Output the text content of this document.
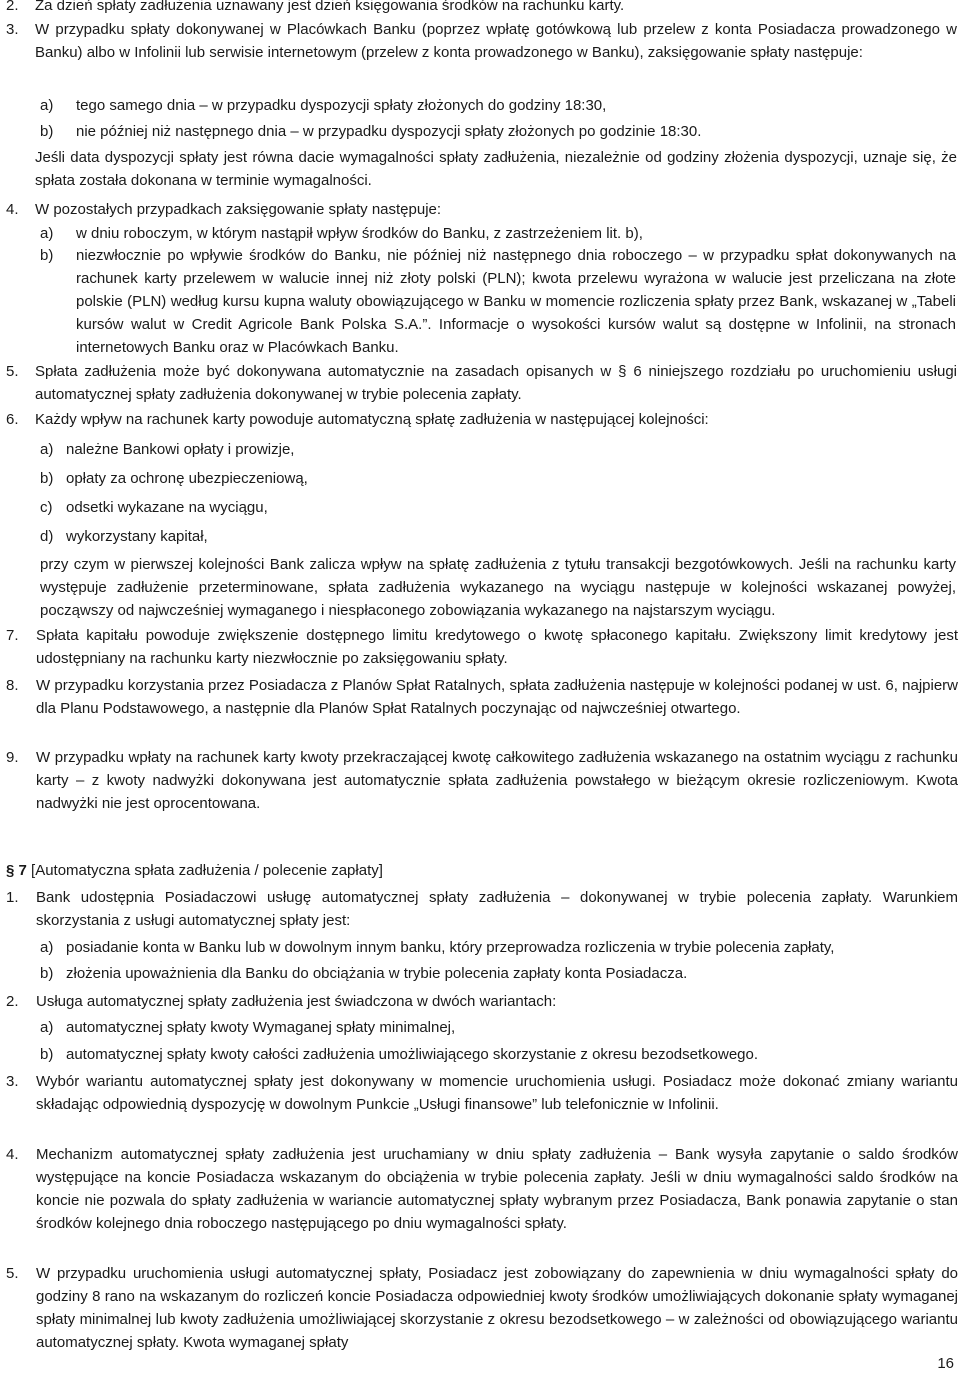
2. Za dzień spłaty zadłużenia uznawany jest dzień księgowania środków na rachunku karty.
3. W przypadku spłaty dokonywanej w Placówkach Banku (poprzez wpłatę gotówkową lub przelew z konta Posiadacza prowadzonego w Banku) albo w Infolinii lub serwisie internetowym (przelew z konta prowadzonego w Banku), zaksięgowanie spłaty następuje:
a) tego samego dnia – w przypadku dyspozycji spłaty złożonych do godziny 18:30,
b) nie później niż następnego dnia – w przypadku dyspozycji spłaty złożonych po godzinie 18:30.
Jeśli data dyspozycji spłaty jest równa dacie wymagalności spłaty zadłużenia, niezależnie od godziny złożenia dyspozycji, uznaje się, że spłata została dokonana w terminie wymagalności.
4. W pozostałych przypadkach zaksięgowanie spłaty następuje:
a) w dniu roboczym, w którym nastąpił wpływ środków do Banku, z zastrzeżeniem lit. b),
b) niezwłocznie po wpływie środków do Banku, nie później niż następnego dnia roboczego – w przypadku spłat dokonywanych na rachunek karty przelewem w walucie innej niż złoty polski (PLN); kwota przelewu wyrażona w walucie jest przeliczana na złote polskie (PLN) według kursu kupna waluty obowiązującego w Banku w momencie rozliczenia spłaty przez Bank, wskazanej w „Tabeli kursów walut w Credit Agricole Bank Polska S.A.”. Informacje o wysokości kursów walut są dostępne w Infolinii, na stronach internetowych Banku oraz w Placówkach Banku.
5. Spłata zadłużenia może być dokonywana automatycznie na zasadach opisanych w § 6 niniejszego rozdziału po uruchomieniu usługi automatycznej spłaty zadłużenia dokonywanej w trybie polecenia zapłaty.
6. Każdy wpływ na rachunek karty powoduje automatyczną spłatę zadłużenia w następującej kolejności:
a) należne Bankowi opłaty i prowizje,
b) opłaty za ochronę ubezpieczeniową,
c) odsetki wykazane na wyciągu,
d) wykorzystany kapitał,
przy czym w pierwszej kolejności Bank zalicza wpływ na spłatę zadłużenia z tytułu transakcji bezgotówkowych. Jeśli na rachunku karty występuje zadłużenie przeterminowane, spłata zadłużenia wykazanego na wyciągu następuje w kolejności wskazanej powyżej, począwszy od najwcześniej wymaganego i niespłaconego zobowiązania wykazanego na najstarszym wyciągu.
7. Spłata kapitału powoduje zwiększenie dostępnego limitu kredytowego o kwotę spłaconego kapitału. Zwiększony limit kredytowy jest udostępniany na rachunku karty niezwłocznie po zaksięgowaniu spłaty.
8. W przypadku korzystania przez Posiadacza z Planów Spłat Ratalnych, spłata zadłużenia następuje w kolejności podanej w ust. 6, najpierw dla Planu Podstawowego, a następnie dla Planów Spłat Ratalnych poczynając od najwcześniej otwartego.
9. W przypadku wpłaty na rachunek karty kwoty przekraczającej kwotę całkowitego zadłużenia wskazanego na ostatnim wyciągu z rachunku karty – z kwoty nadwyżki dokonywana jest automatycznie spłata zadłużenia powstałego w bieżącym okresie rozliczeniowym. Kwota nadwyżki nie jest oprocentowana.
§ 7 [Automatyczna spłata zadłużenia / polecenie zapłaty]
1. Bank udostępnia Posiadaczowi usługę automatycznej spłaty zadłużenia – dokonywanej w trybie polecenia zapłaty. Warunkiem skorzystania z usługi automatycznej spłaty jest:
a) posiadanie konta w Banku lub w dowolnym innym banku, który przeprowadza rozliczenia w trybie polecenia zapłaty,
b) złożenia upoważnienia dla Banku do obciążania w trybie polecenia zapłaty konta Posiadacza.
2. Usługa automatycznej spłaty zadłużenia jest świadczona w dwóch wariantach:
a) automatycznej spłaty kwoty Wymaganej spłaty minimalnej,
b) automatycznej spłaty kwoty całości zadłużenia umożliwiającego skorzystanie z okresu bezodsetkowego.
3. Wybór wariantu automatycznej spłaty jest dokonywany w momencie uruchomienia usługi. Posiadacz może dokonać zmiany wariantu składając odpowiednią dyspozycję w dowolnym Punkcie „Usługi finansowe” lub telefonicznie w Infolinii.
4. Mechanizm automatycznej spłaty zadłużenia jest uruchamiany w dniu spłaty zadłużenia – Bank wysyła zapytanie o saldo środków występujące na koncie Posiadacza wskazanym do obciążenia w trybie polecenia zapłaty. Jeśli w dniu wymagalności saldo środków na koncie nie pozwala do spłaty zadłużenia w wariancie automatycznej spłaty wybranym przez Posiadacza, Bank ponawia zapytanie o stan środków kolejnego dnia roboczego następującego po dniu wymagalności spłaty.
5. W przypadku uruchomienia usługi automatycznej spłaty, Posiadacz jest zobowiązany do zapewnienia w dniu wymagalności spłaty do godziny 8 rano na wskazanym do rozliczeń koncie Posiadacza odpowiedniej kwoty środków umożliwiających dokonanie spłaty wymaganej spłaty minimalnej lub kwoty zadłużenia umożliwiającej skorzystanie z okresu bezodsetkowego – w zależności od obowiązującego wariantu automatycznej spłaty. Kwota wymaganej spłaty
16
